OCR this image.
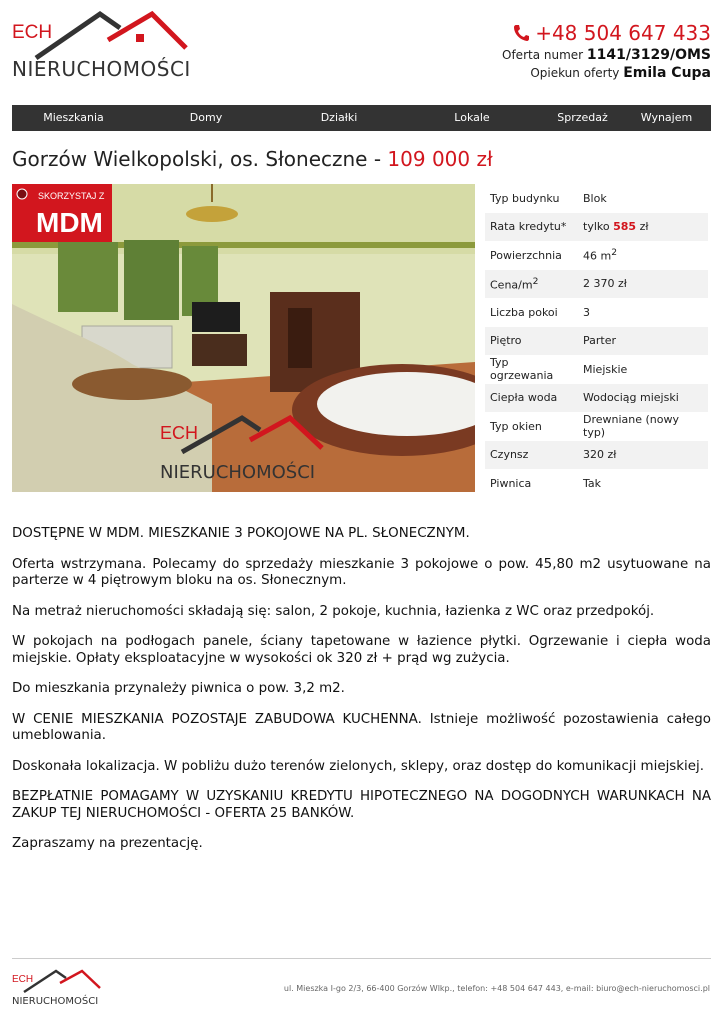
ECH
NIERUCHOMOŚCI
+48 504 647 433
Oferta numer 1141/3129/OMS
Opiekun oferty Emila Cupa
Mieszkania	Domy	Działki	Lokale	Sprzedaż	Wynajem
Gorzów Wielkopolski, os. Słoneczne - 109 000 zł
SKORZYSTAJ Z
MDM
ECH
NIERUCHOMOŚCI
Typ budynku	Blok
Rata kredytu*	tylko 585 zł
Powierzchnia	46 $m^2$
Cena/$m^2$	2 370 zł
Liczba pokoi	3
Piętro	Parter
Typ ogrzewania	Miejskie
Ciepła woda	Wodociąg miejski
Typ okien	Drewniane (nowy typ)
Czynsz	320 zł
Piwnica	Tak

DOSTĘPNE W MDM. MIESZKANIE 3 POKOJOWE NA PL. SŁONECZNYM.

Oferta wstrzymana. Polecamy do sprzedaży mieszkanie 3 pokojowe o pow. 45,80 m2 usytuowane na parterze w 4 piętrowym bloku na os. Słonecznym.

Na metraż nieruchomości składają się: salon, 2 pokoje, kuchnia, łazienka z WC oraz przedpokój.

W pokojach na podłogach panele, ściany tapetowane w łazience płytki. Ogrzewanie i ciepła woda miejskie. Opłaty eksploatacyjne w wysokości ok 320 zł + prąd wg zużycia.

Do mieszkania przynależy piwnica o pow. 3,2 m2.

W CENIE MIESZKANIA POZOSTAJE ZABUDOWA KUCHENNA. Istnieje możliwość pozostawienia całego umeblowania.

Doskonała lokalizacja. W pobliżu dużo terenów zielonych, sklepy, oraz dostęp do komunikacji miejskiej.

BEZPŁATNIE POMAGAMY W UZYSKANIU KREDYTU HIPOTECZNEGO NA DOGODNYCH WARUNKACH NA ZAKUP TEJ NIERUCHOMOŚCI - OFERTA 25 BANKÓW.

Zapraszamy na prezentację.

ECH
NIERUCHOMOŚCI
ul. Mieszka I-go 2/3, 66-400 Gorzów Wlkp., telefon: +48 504 647 443, e-mail: biuro@ech-nieruchomosci.pl
